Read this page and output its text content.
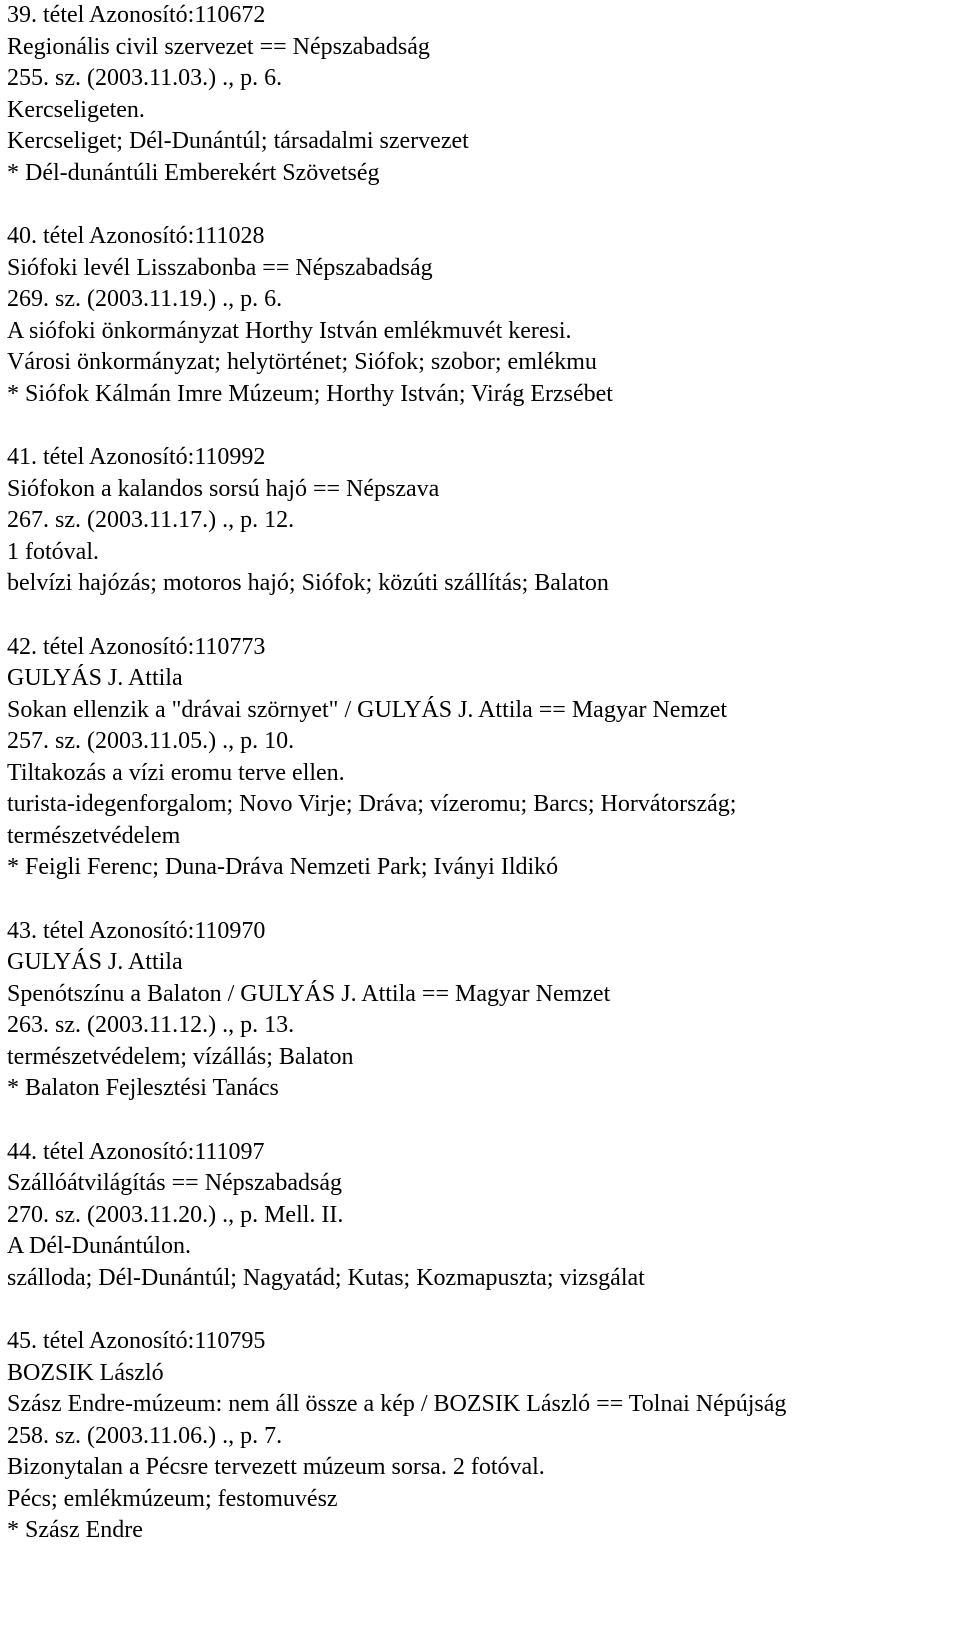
39. tétel Azonosító:110672
Regionális civil szervezet == Népszabadság
255. sz. (2003.11.03.) ., p. 6.
Kercseligeten.
Kercseliget; Dél-Dunántúl; társadalmi szervezet
* Dél-dunántúli Emberekért Szövetség
40. tétel Azonosító:111028
Siófoki levél Lisszabonba == Népszabadság
269. sz. (2003.11.19.) ., p. 6.
A siófoki önkormányzat Horthy István emlékmuvét keresi.
Városi önkormányzat; helytörténet; Siófok; szobor; emlékmu
* Siófok Kálmán Imre Múzeum; Horthy István; Virág Erzsébet
41. tétel Azonosító:110992
Siófokon a kalandos sorsú hajó == Népszava
267. sz. (2003.11.17.) ., p. 12.
1 fotóval.
belvízi hajózás; motoros hajó; Siófok; közúti szállítás; Balaton
42. tétel Azonosító:110773
GULYÁS J. Attila
Sokan ellenzik a "drávai szörnyet" / GULYÁS J. Attila == Magyar Nemzet
257. sz. (2003.11.05.) ., p. 10.
Tiltakozás a vízi eromu terve ellen.
turista-idegenforgalom; Novo Virje; Dráva; vízeromu; Barcs; Horvátország;
természetvédelem
* Feigli Ferenc; Duna-Dráva Nemzeti Park; Iványi Ildikó
43. tétel Azonosító:110970
GULYÁS J. Attila
Spenótszínu a Balaton / GULYÁS J. Attila == Magyar Nemzet
263. sz. (2003.11.12.) ., p. 13.
természetvédelem; vízállás; Balaton
* Balaton Fejlesztési Tanács
44. tétel Azonosító:111097
Szállóátvilágítás == Népszabadság
270. sz. (2003.11.20.) ., p. Mell. II.
A Dél-Dunántúlon.
szálloda; Dél-Dunántúl; Nagyatád; Kutas; Kozmapuszta; vizsgálat
45. tétel Azonosító:110795
BOZSIK László
Szász Endre-múzeum: nem áll össze a kép / BOZSIK László == Tolnai Népújság
258. sz. (2003.11.06.) ., p. 7.
Bizonytalan a Pécsre tervezett múzeum sorsa. 2 fotóval.
Pécs; emlékmúzeum; festomuvész
* Szász Endre
